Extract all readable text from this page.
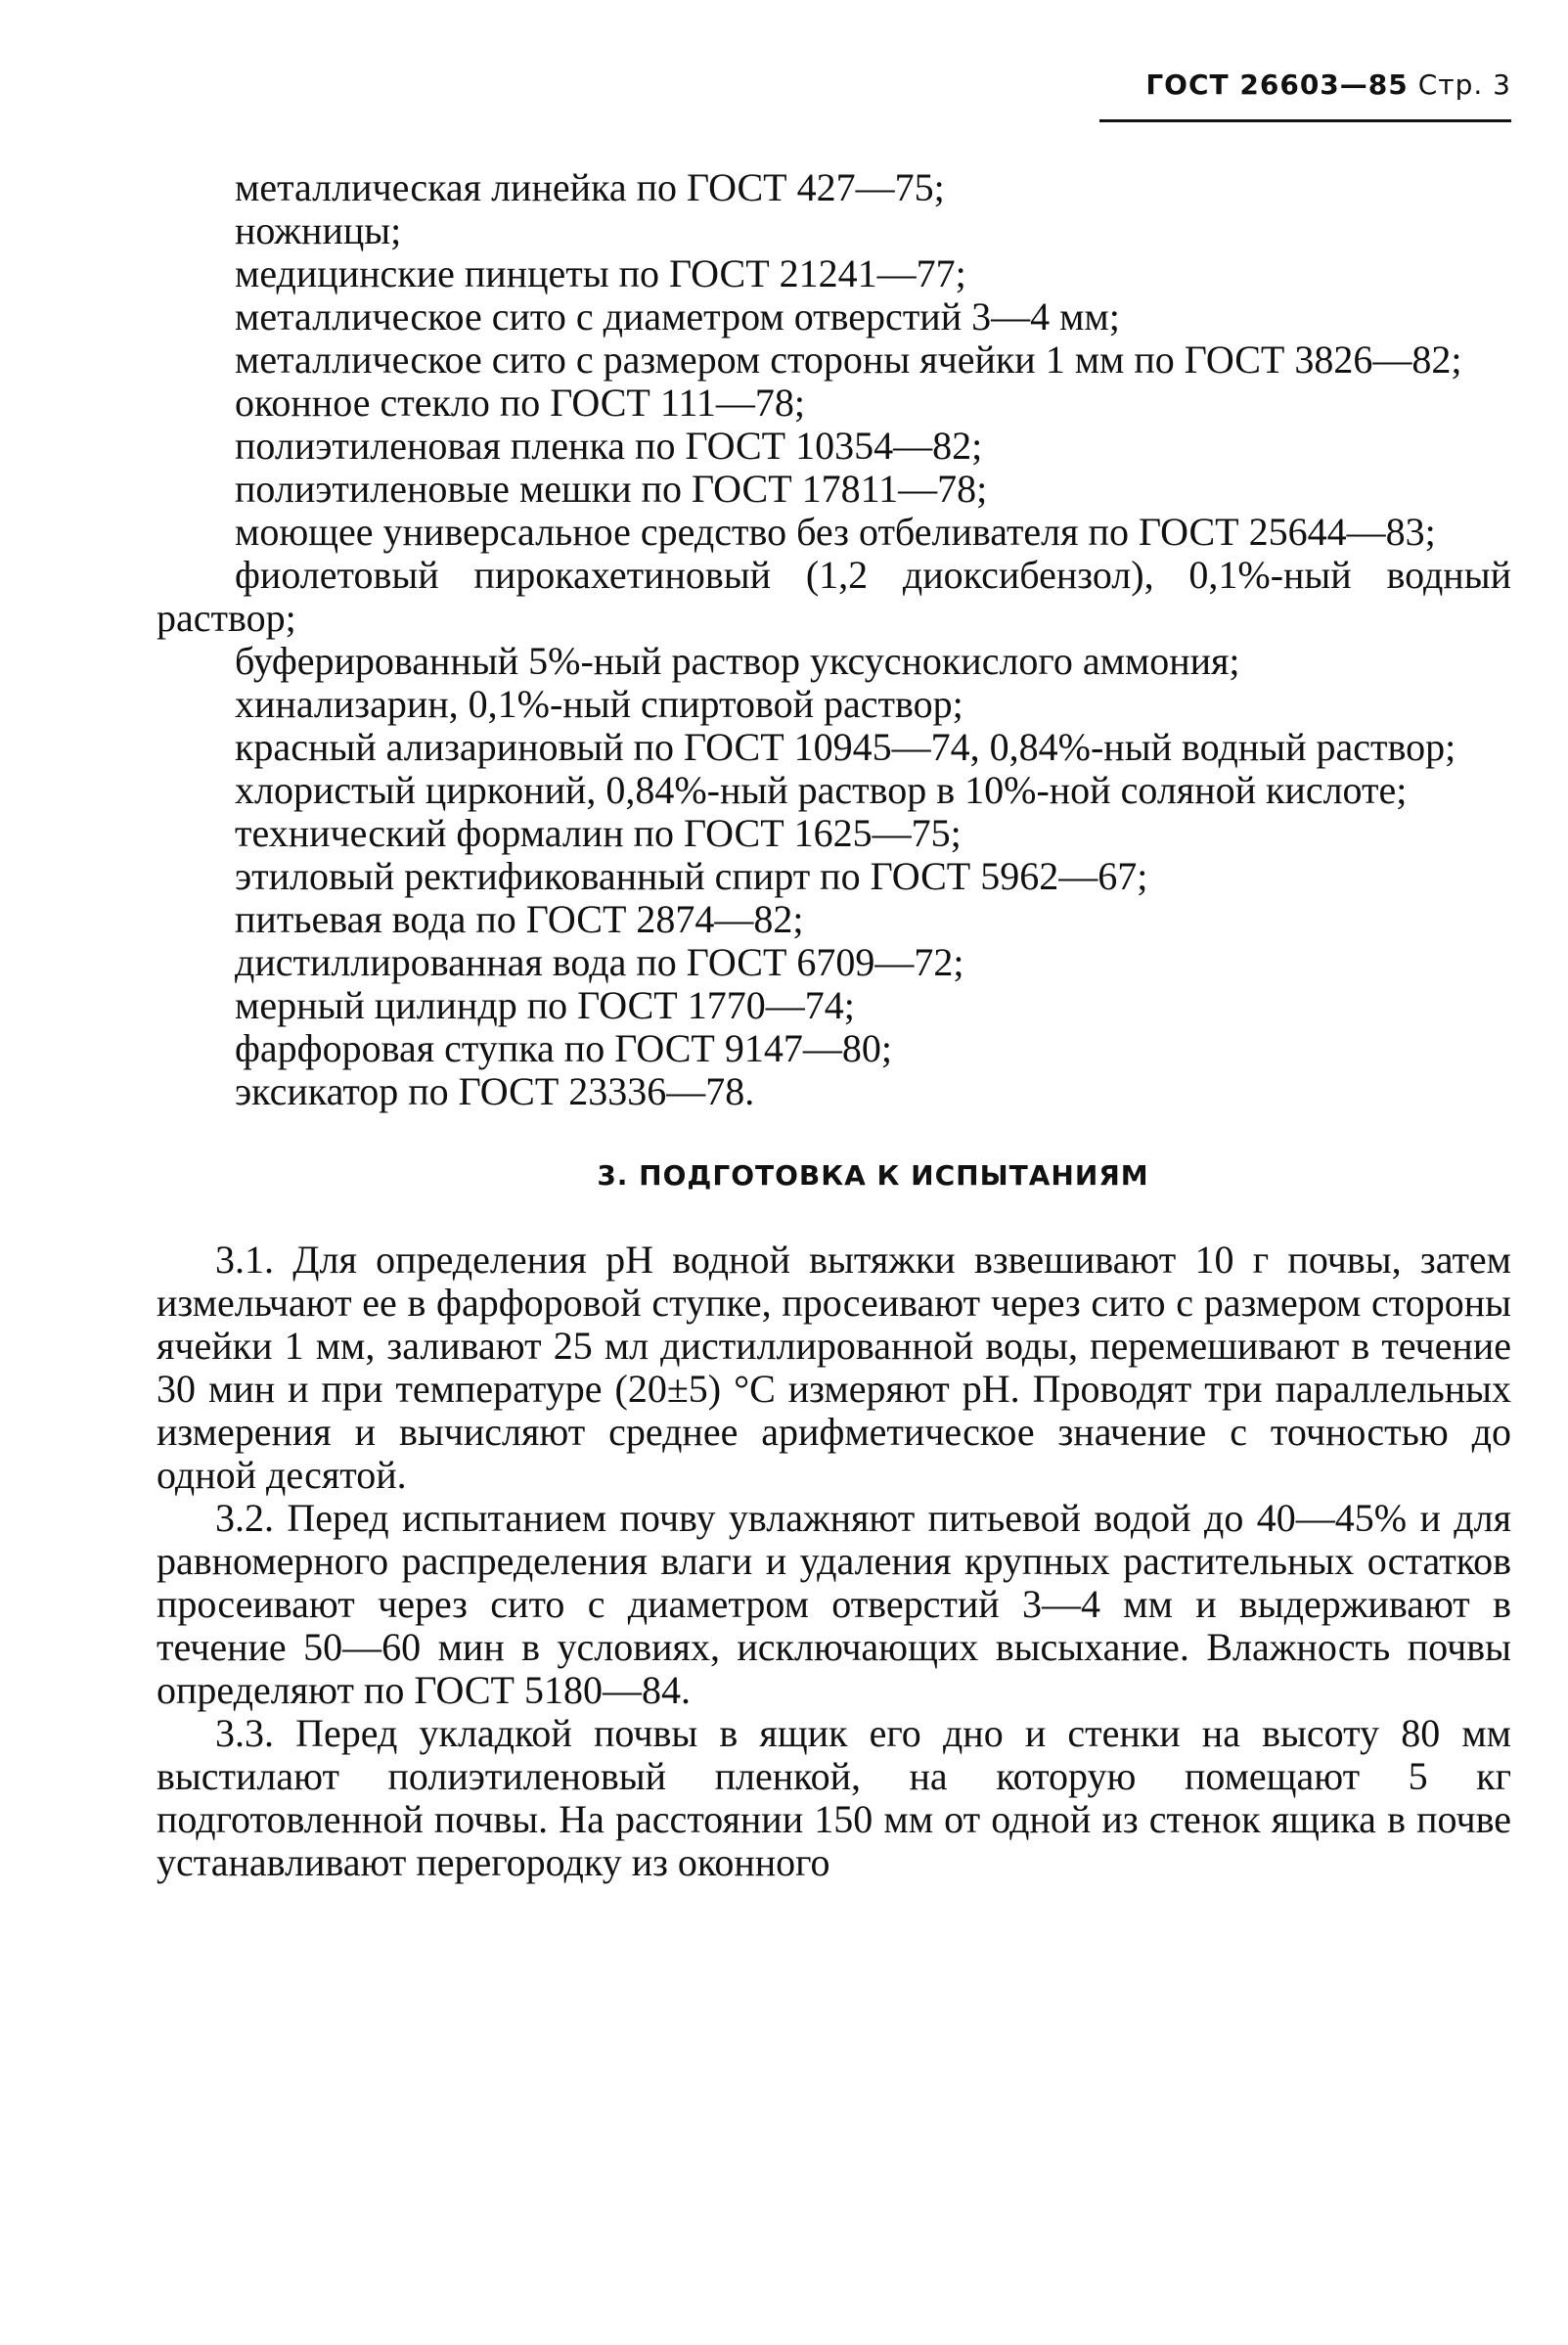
ГОСТ 26603—85 Стр. 3

металлическая линейка по ГОСТ 427—75;

ножницы;

медицинские пинцеты по ГОСТ 21241—77;

металлическое сито с диаметром отверстий 3—4 мм;

металлическое сито с размером стороны ячейки 1 мм по ГОСТ 3826—82;

оконное стекло по ГОСТ 111—78;

полиэтиленовая пленка по ГОСТ 10354—82;

полиэтиленовые мешки по ГОСТ 17811—78;

моющее универсальное средство без отбеливателя по ГОСТ 25644—83;

фиолетовый пирокахетиновый (1,2 диоксибензол), 0,1%-ный водный раствор;

буферированный 5%-ный раствор уксуснокислого аммония;

хинализарин, 0,1%-ный спиртовой раствор;

красный ализариновый по ГОСТ 10945—74, 0,84%-ный водный раствор;

хлористый цирконий, 0,84%-ный раствор в 10%-ной соляной кислоте;

технический формалин по ГОСТ 1625—75;

этиловый ректификованный спирт по ГОСТ 5962—67;

питьевая вода по ГОСТ 2874—82;

дистиллированная вода по ГОСТ 6709—72;

мерный цилиндр по ГОСТ 1770—74;

фарфоровая ступка по ГОСТ 9147—80;

эксикатор по ГОСТ 23336—78.

3. ПОДГОТОВКА К ИСПЫТАНИЯМ

3.1. Для определения pH водной вытяжки взвешивают 10 г почвы, затем измельчают ее в фарфоровой ступке, просеивают через сито с размером стороны ячейки 1 мм, заливают 25 мл дистиллированной воды, перемешивают в течение 30 мин и при температуре (20±5) °С измеряют pH. Проводят три параллельных измерения и вычисляют среднее арифметическое значение с точностью до одной десятой.

3.2. Перед испытанием почву увлажняют питьевой водой до 40—45% и для равномерного распределения влаги и удаления крупных растительных остатков просеивают через сито с диаметром отверстий 3—4 мм и выдерживают в течение 50—60 мин в условиях, исключающих высыхание. Влажность почвы определяют по ГОСТ 5180—84.

3.3. Перед укладкой почвы в ящик его дно и стенки на высоту 80 мм выстилают полиэтиленовый пленкой, на которую помещают 5 кг подготовленной почвы. На расстоянии 150 мм от одной из стенок ящика в почве устанавливают перегородку из оконного
